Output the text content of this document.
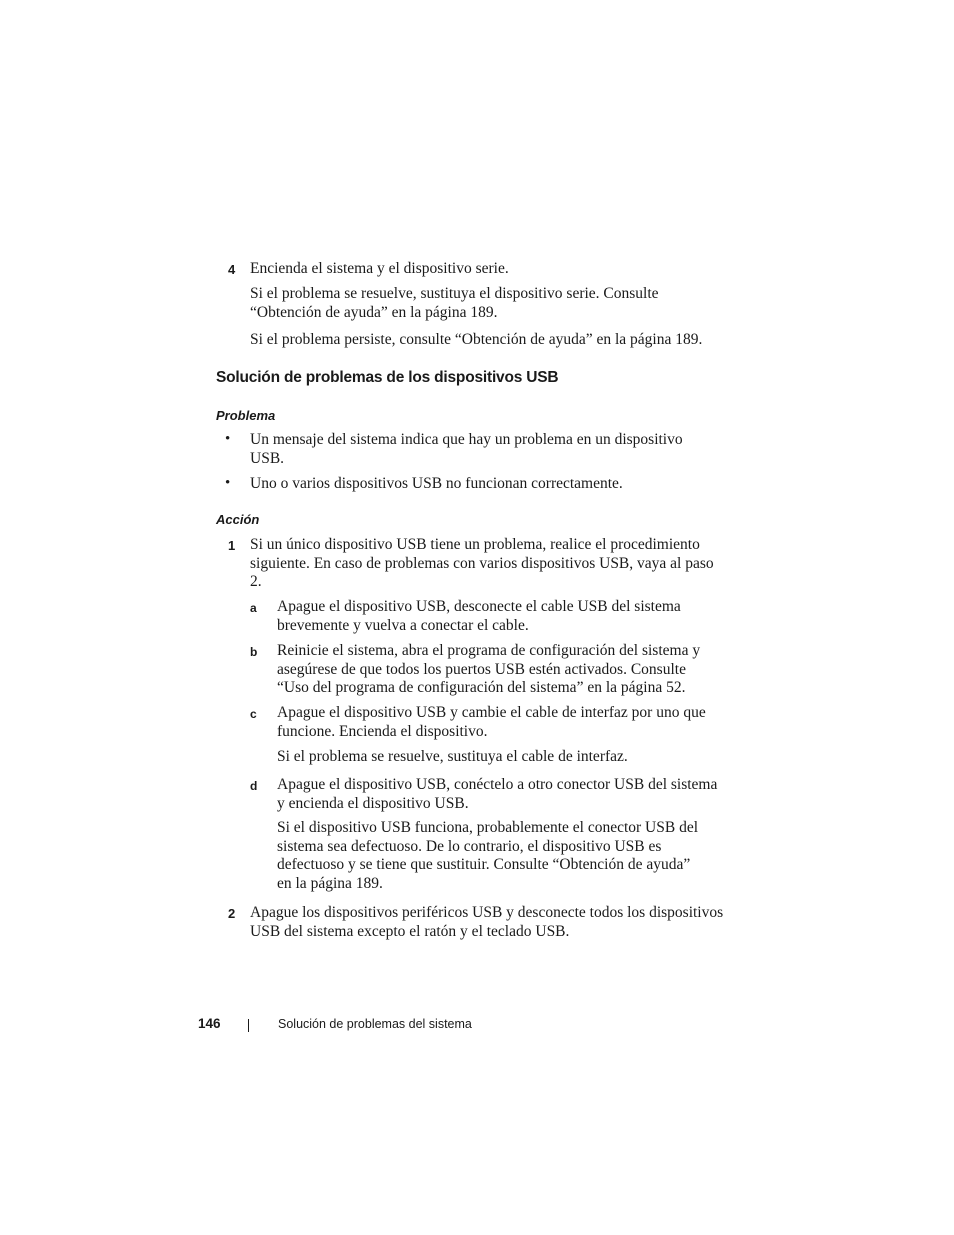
4 Encienda el sistema y el dispositivo serie.
Si el problema se resuelve, sustituya el dispositivo serie. Consulte “Obtención de ayuda” en la página 189.
Si el problema persiste, consulte “Obtención de ayuda” en la página 189.
Solución de problemas de los dispositivos USB
Problema
• Un mensaje del sistema indica que hay un problema en un dispositivo USB.
• Uno o varios dispositivos USB no funcionan correctamente.
Acción
1 Si un único dispositivo USB tiene un problema, realice el procedimiento siguiente. En caso de problemas con varios dispositivos USB, vaya al paso 2.
a Apague el dispositivo USB, desconecte el cable USB del sistema brevemente y vuelva a conectar el cable.
b Reinicie el sistema, abra el programa de configuración del sistema y asegúrese de que todos los puertos USB estén activados. Consulte “Uso del programa de configuración del sistema” en la página 52.
c Apague el dispositivo USB y cambie el cable de interfaz por uno que funcione. Encienda el dispositivo.
Si el problema se resuelve, sustituya el cable de interfaz.
d Apague el dispositivo USB, conéctelo a otro conector USB del sistema y encienda el dispositivo USB.
Si el dispositivo USB funciona, probablemente el conector USB del sistema sea defectuoso. De lo contrario, el dispositivo USB es defectuoso y se tiene que sustituir. Consulte “Obtención de ayuda” en la página 189.
2 Apague los dispositivos periféricos USB y desconecte todos los dispositivos USB del sistema excepto el ratón y el teclado USB.
146	Solución de problemas del sistema
